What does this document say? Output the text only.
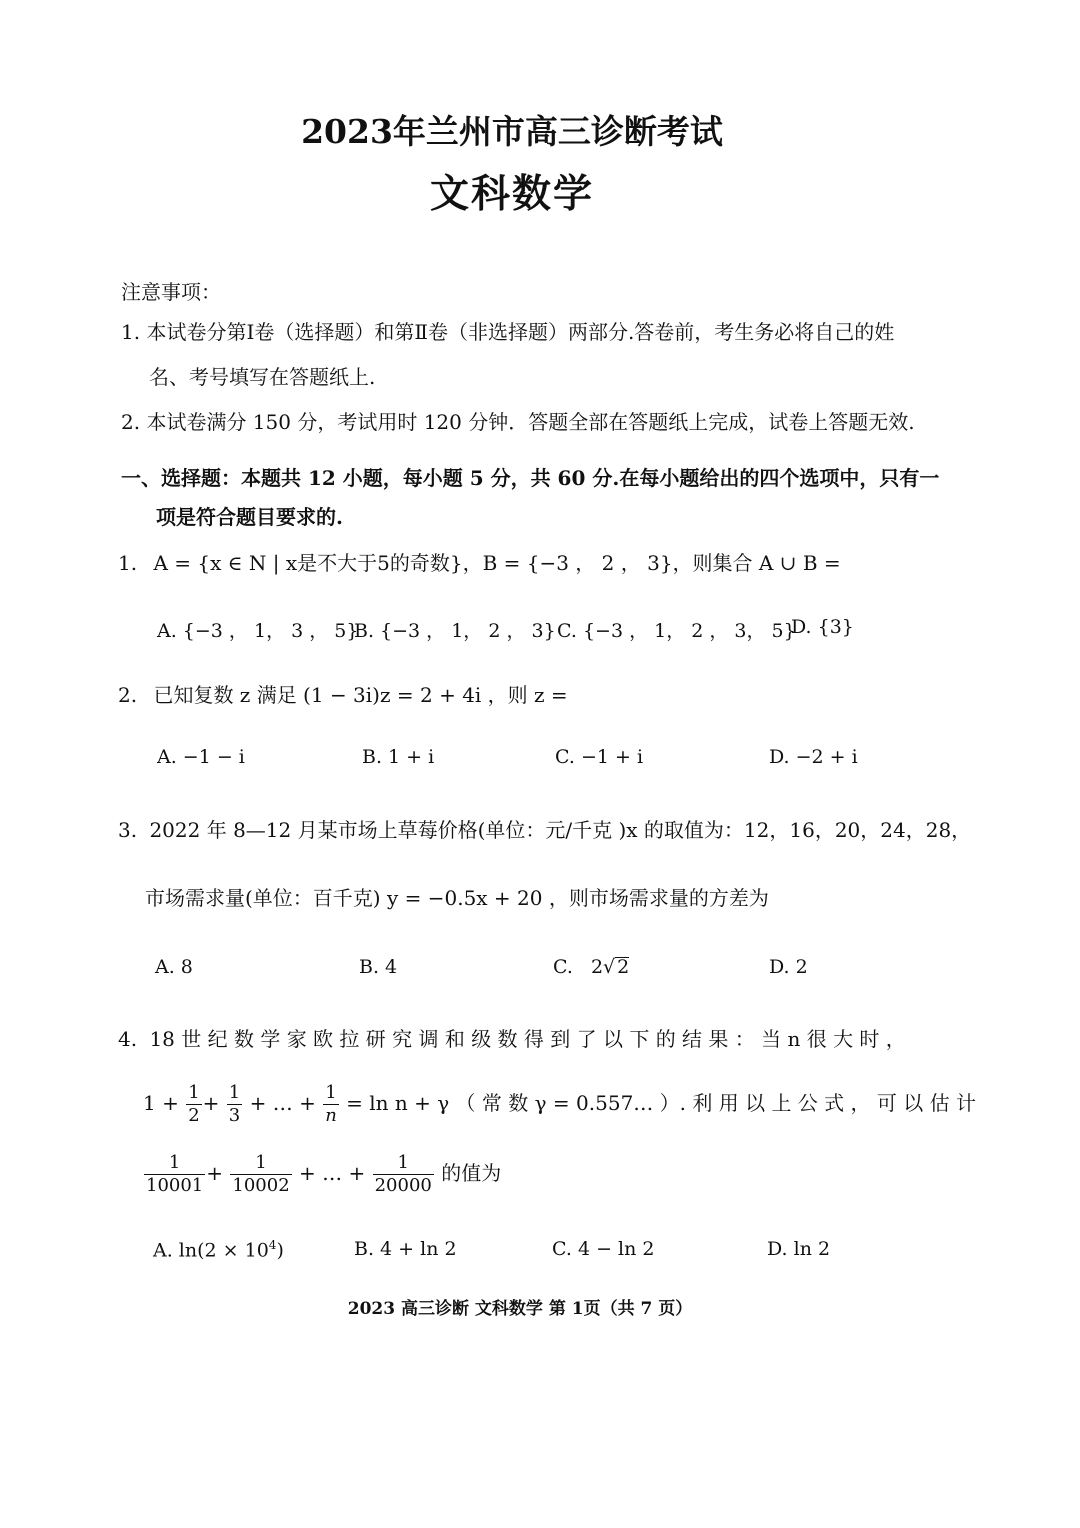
2023年兰州市高三诊断考试
文科数学
注意事项：
1. 本试卷分第Ⅰ卷（选择题）和第Ⅱ卷（非选择题）两部分.答卷前，考生务必将自己的姓
名、考号填写在答题纸上.
2. 本试卷满分 150 分，考试用时 120 分钟．答题全部在答题纸上完成，试卷上答题无效.
一、选择题：本题共 12 小题，每小题 5 分，共 60 分.在每小题给出的四个选项中，只有一
项是符合题目要求的.
1. A = {x ∈ N | x是不大于5的奇数}，B = {−3 ， 2 ， 3}，则集合 A ∪ B =
A. {−3 ， 1， 3 ， 5}
B. {−3 ， 1， 2 ， 3} C. {−3 ， 1， 2 ， 3， 5}
D. {3}
2. 已知复数 z 满足 (1 − 3i)z = 2 + 4i ，则 z =
A. −1 − i	B. 1 + i	C. −1 + i	D. −2 + i
3. 2022 年 8—12 月某市场上草莓价格(单位：元/千克 )x 的取值为：12，16，20，24，28，
市场需求量(单位：百千克) y = −0.5x + 20 ，则市场需求量的方差为
A. 8	B. 4	C. 2√ 2	D. 2
4. 18 世 纪 数 学 家 欧 拉 研 究 调 和 级 数 得 到 了 以 下 的 结 果 ： 当 n 很 大 时 ，
$1 + \frac{1}{2} + \frac{1}{3}$ + … + $\frac{1}{n} = \ln n + \gamma$ （ 常 数 γ = 0.557… ）. 利 用 以 上 公 式 ， 可 以 估 计
$\frac{1}{10001} + \frac{1}{10002}$ + … + $\frac{1}{20000}$ 的值为
A. $\ln(2 \times 10^4)$	B. 4 + ln 2	C. 4 − ln 2	D. ln 2
2023 高三诊断 文科数学 第 1页（共 7 页）
